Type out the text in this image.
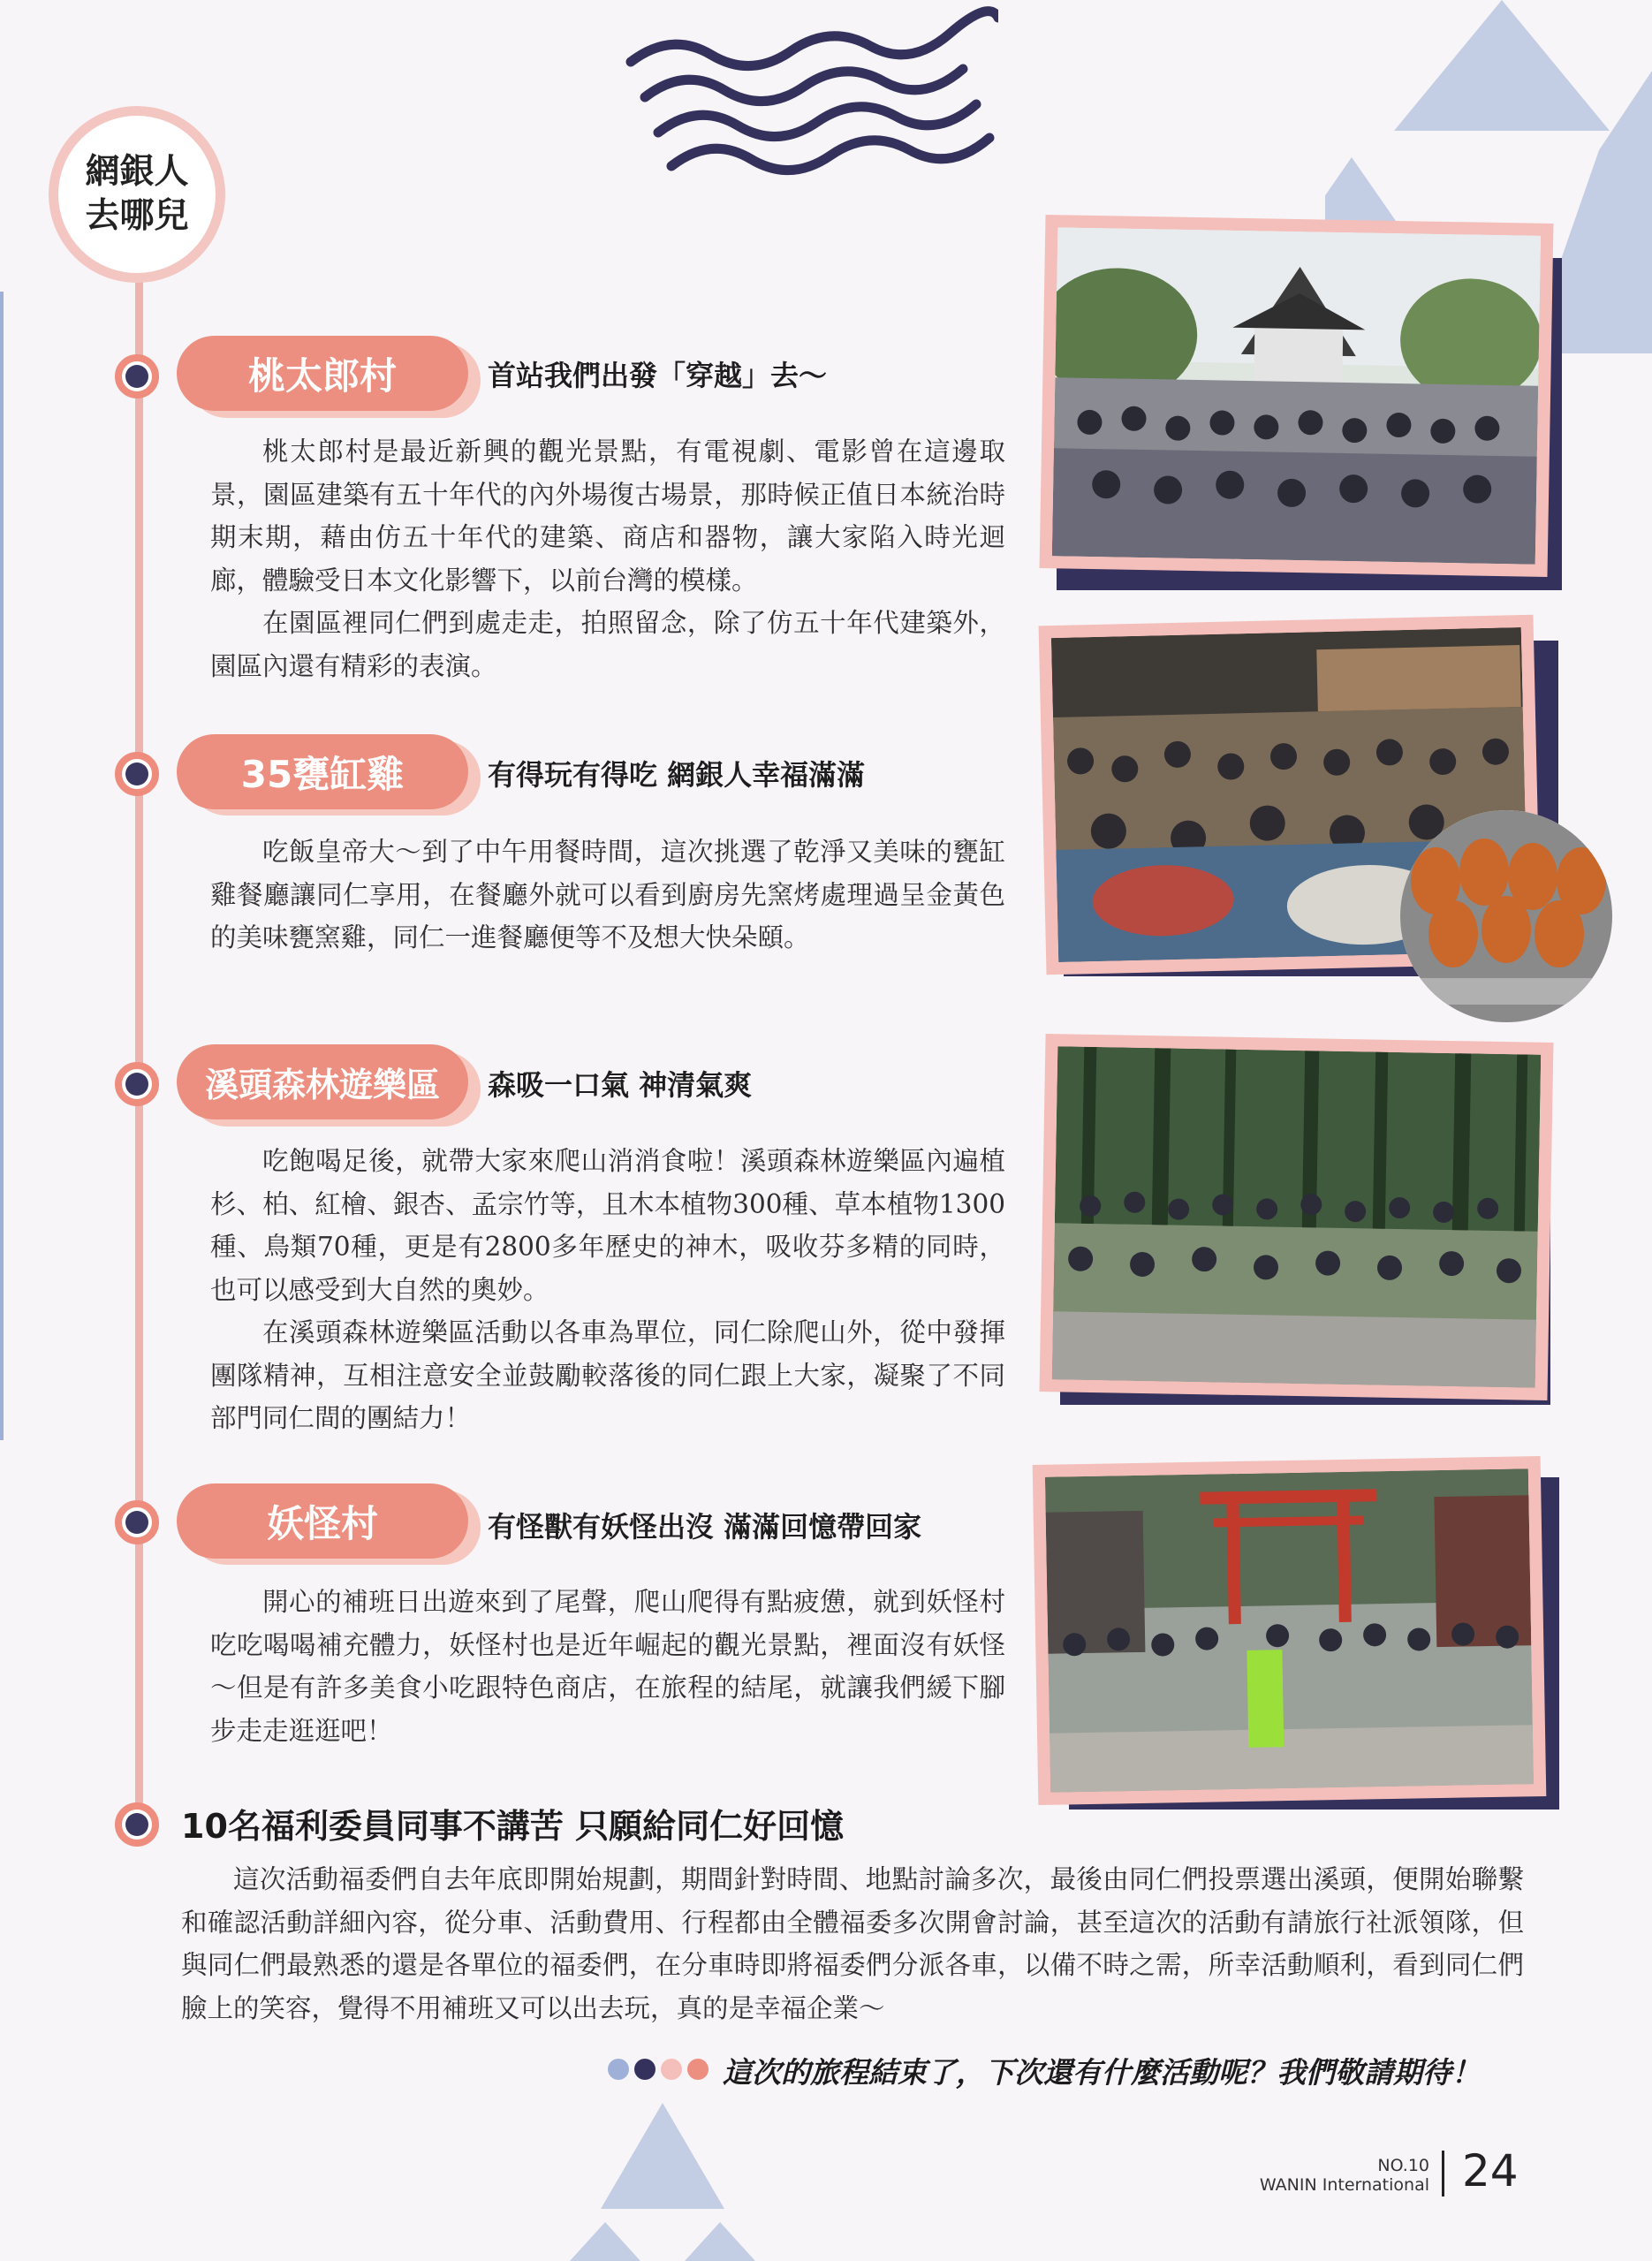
網銀人
去哪兒
桃太郎村	首站我們出發「穿越」去～

桃太郎村是最近新興的觀光景點，有電視劇、電影曾在這邊取景，園區建築有五十年代的內外場復古場景，那時候正值日本統治時期末期，藉由仿五十年代的建築、商店和器物，讓大家陷入時光迴廊，體驗受日本文化影響下，以前台灣的模樣。

在園區裡同仁們到處走走，拍照留念，除了仿五十年代建築外，園區內還有精彩的表演。

35甕缸雞	有得玩有得吃 網銀人幸福滿滿

吃飯皇帝大～到了中午用餐時間，這次挑選了乾淨又美味的甕缸雞餐廳讓同仁享用，在餐廳外就可以看到廚房先窯烤處理過呈金黃色的美味甕窯雞，同仁一進餐廳便等不及想大快朵頤。

溪頭森林遊樂區	森吸一口氣 神清氣爽

吃飽喝足後，就帶大家來爬山消消食啦！溪頭森林遊樂區內遍植杉、柏、紅檜、銀杏、孟宗竹等，且木本植物300種、草本植物1300種、鳥類70種，更是有2800多年歷史的神木，吸收芬多精的同時，也可以感受到大自然的奧妙。

在溪頭森林遊樂區活動以各車為單位，同仁除爬山外，從中發揮團隊精神，互相注意安全並鼓勵較落後的同仁跟上大家，凝聚了不同部門同仁間的團結力！

妖怪村	有怪獸有妖怪出沒 滿滿回憶帶回家

開心的補班日出遊來到了尾聲，爬山爬得有點疲憊，就到妖怪村吃吃喝喝補充體力，妖怪村也是近年崛起的觀光景點，裡面沒有妖怪～但是有許多美食小吃跟特色商店，在旅程的結尾，就讓我們緩下腳步走走逛逛吧！

10名福利委員同事不講苦 只願給同仁好回憶

這次活動福委們自去年底即開始規劃，期間針對時間、地點討論多次，最後由同仁們投票選出溪頭，便開始聯繫和確認活動詳細內容，從分車、活動費用、行程都由全體福委多次開會討論，甚至這次的活動有請旅行社派領隊，但與同仁們最熟悉的還是各單位的福委們，在分車時即將福委們分派各車，以備不時之需，所幸活動順利，看到同仁們臉上的笑容，覺得不用補班又可以出去玩，真的是幸福企業～

這次的旅程結束了，下次還有什麼活動呢？我們敬請期待！
NO.10
WANIN International 24
